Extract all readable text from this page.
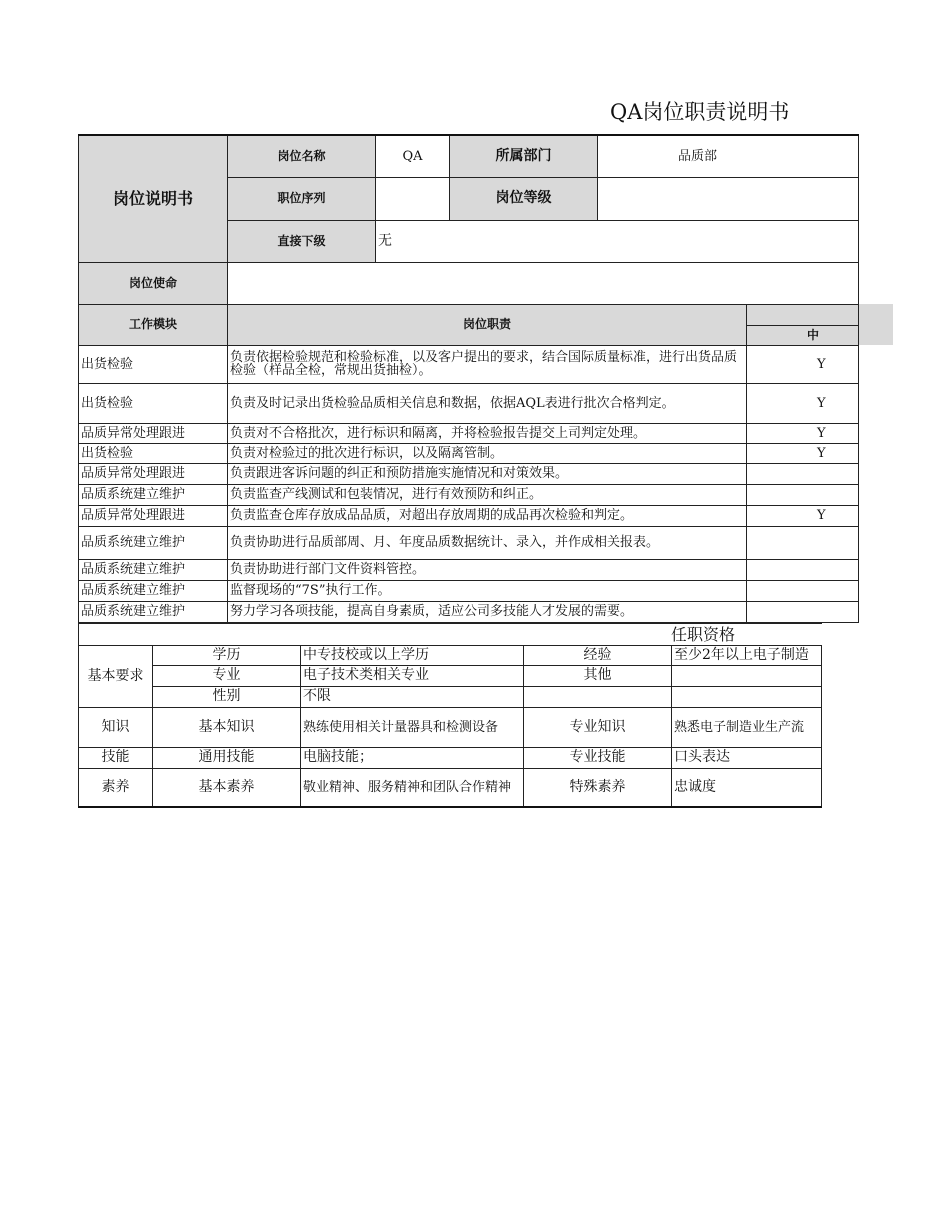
QA岗位职责说明书
岗位说明书	岗位名称	QA	所属部门	品质部	
	职位序列		岗位等级		
	直接下级	无			
岗位使命					
工作模块	岗位职责				
					中
出货检验	负责依据检验规范和检验标准，以及客户提出的要求，结合国际质量标准，进行出货品质检验（样品全检，常规出货抽检）。				Y
出货检验	负责及时记录出货检验品质相关信息和数据，依据AQL表进行批次合格判定。				Y
品质异常处理跟进	负责对不合格批次，进行标识和隔离，并将检验报告提交上司判定处理。				Y
出货检验	负责对检验过的批次进行标识，以及隔离管制。				Y
品质异常处理跟进	负责跟进客诉问题的纠正和预防措施实施情况和对策效果。				
品质系统建立维护	负责监查产线测试和包装情况，进行有效预防和纠正。				
品质异常处理跟进	负责监查仓库存放成品品质，对超出存放周期的成品再次检验和判定。				Y
品质系统建立维护	负责协助进行品质部周、月、年度品质数据统计、录入，并作成相关报表。				
品质系统建立维护	负责协助进行部门文件资料管控。				
品质系统建立维护	监督现场的“7S”执行工作。				
品质系统建立维护	努力学习各项技能，提高自身素质，适应公司多技能人才发展的需要。				
任职资格				
基本要求	学历	中专技校或以上学历	经验	至少2年以上电子制造
	专业	电子技术类相关专业	其他	
	性别	不限		
知识	基本知识	熟练使用相关计量器具和检测设备	专业知识	熟悉电子制造业生产流
技能	通用技能	电脑技能；	专业技能	口头表达
素养	基本素养	敬业精神、服务精神和团队合作精神	特殊素养	忠诚度
